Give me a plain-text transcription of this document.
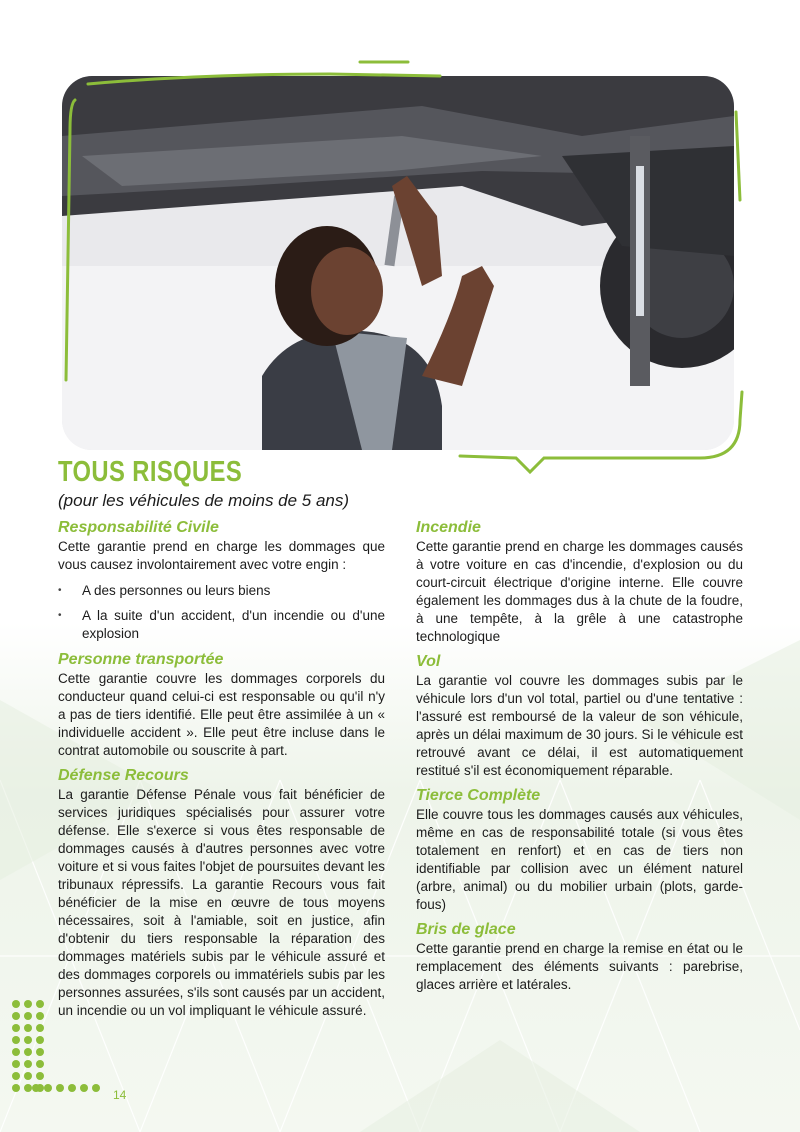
TOUS RISQUES

(pour les véhicules de moins de 5 ans)

Responsabilité Civile

Cette garantie prend en charge les dommages que vous causez involontairement avec votre engin :

• A des personnes ou leurs biens
• A la suite d'un accident, d'un incendie ou d'une explosion
Personne transportée

Cette garantie couvre les dommages corporels du conducteur quand celui-ci est responsable ou qu'il n'y a pas de tiers identifié. Elle peut être assimilée à un « individuelle accident ». Elle peut être incluse dans le contrat automobile ou souscrite à part.

Défense Recours

La garantie Défense Pénale vous fait bénéficier de services juridiques spécialisés pour assurer votre défense. Elle s'exerce si vous êtes responsable de dommages causés à d'autres personnes avec votre voiture et si vous faites l'objet de poursuites devant les tribunaux répressifs. La garantie Recours vous fait bénéficier de la mise en œuvre de tous moyens nécessaires, soit à l'amiable, soit en justice, afin d'obtenir du tiers responsable la réparation des dommages matériels subis par le véhicule assuré et des dommages corporels ou immatériels subis par les personnes assurées, s'ils sont causés par un accident, un incendie ou un vol impliquant le véhicule assuré.

Incendie

Cette garantie prend en charge les dommages causés à votre voiture en cas d'incendie, d'explosion ou du court-circuit électrique d'origine interne. Elle couvre également les dommages dus à la chute de la foudre, à une tempête, à la grêle à une catastrophe technologique

Vol

La garantie vol couvre les dommages subis par le véhicule lors d'un vol total, partiel ou d'une tentative : l'assuré est remboursé de la valeur de son véhicule, après un délai maximum de 30 jours. Si le véhicule est retrouvé avant ce délai, il est automatiquement restitué s'il est économiquement réparable.

Tierce Complète

Elle couvre tous les dommages causés aux véhicules, même en cas de responsabilité totale (si vous êtes totalement en renfort) et en cas de tiers non identifiable par collision avec un élément naturel (arbre, animal) ou du mobilier urbain (plots, garde-fous)

Bris de glace

Cette garantie prend en charge la remise en état ou le remplacement des éléments suivants : parebrise, glaces arrière et latérales.

14
